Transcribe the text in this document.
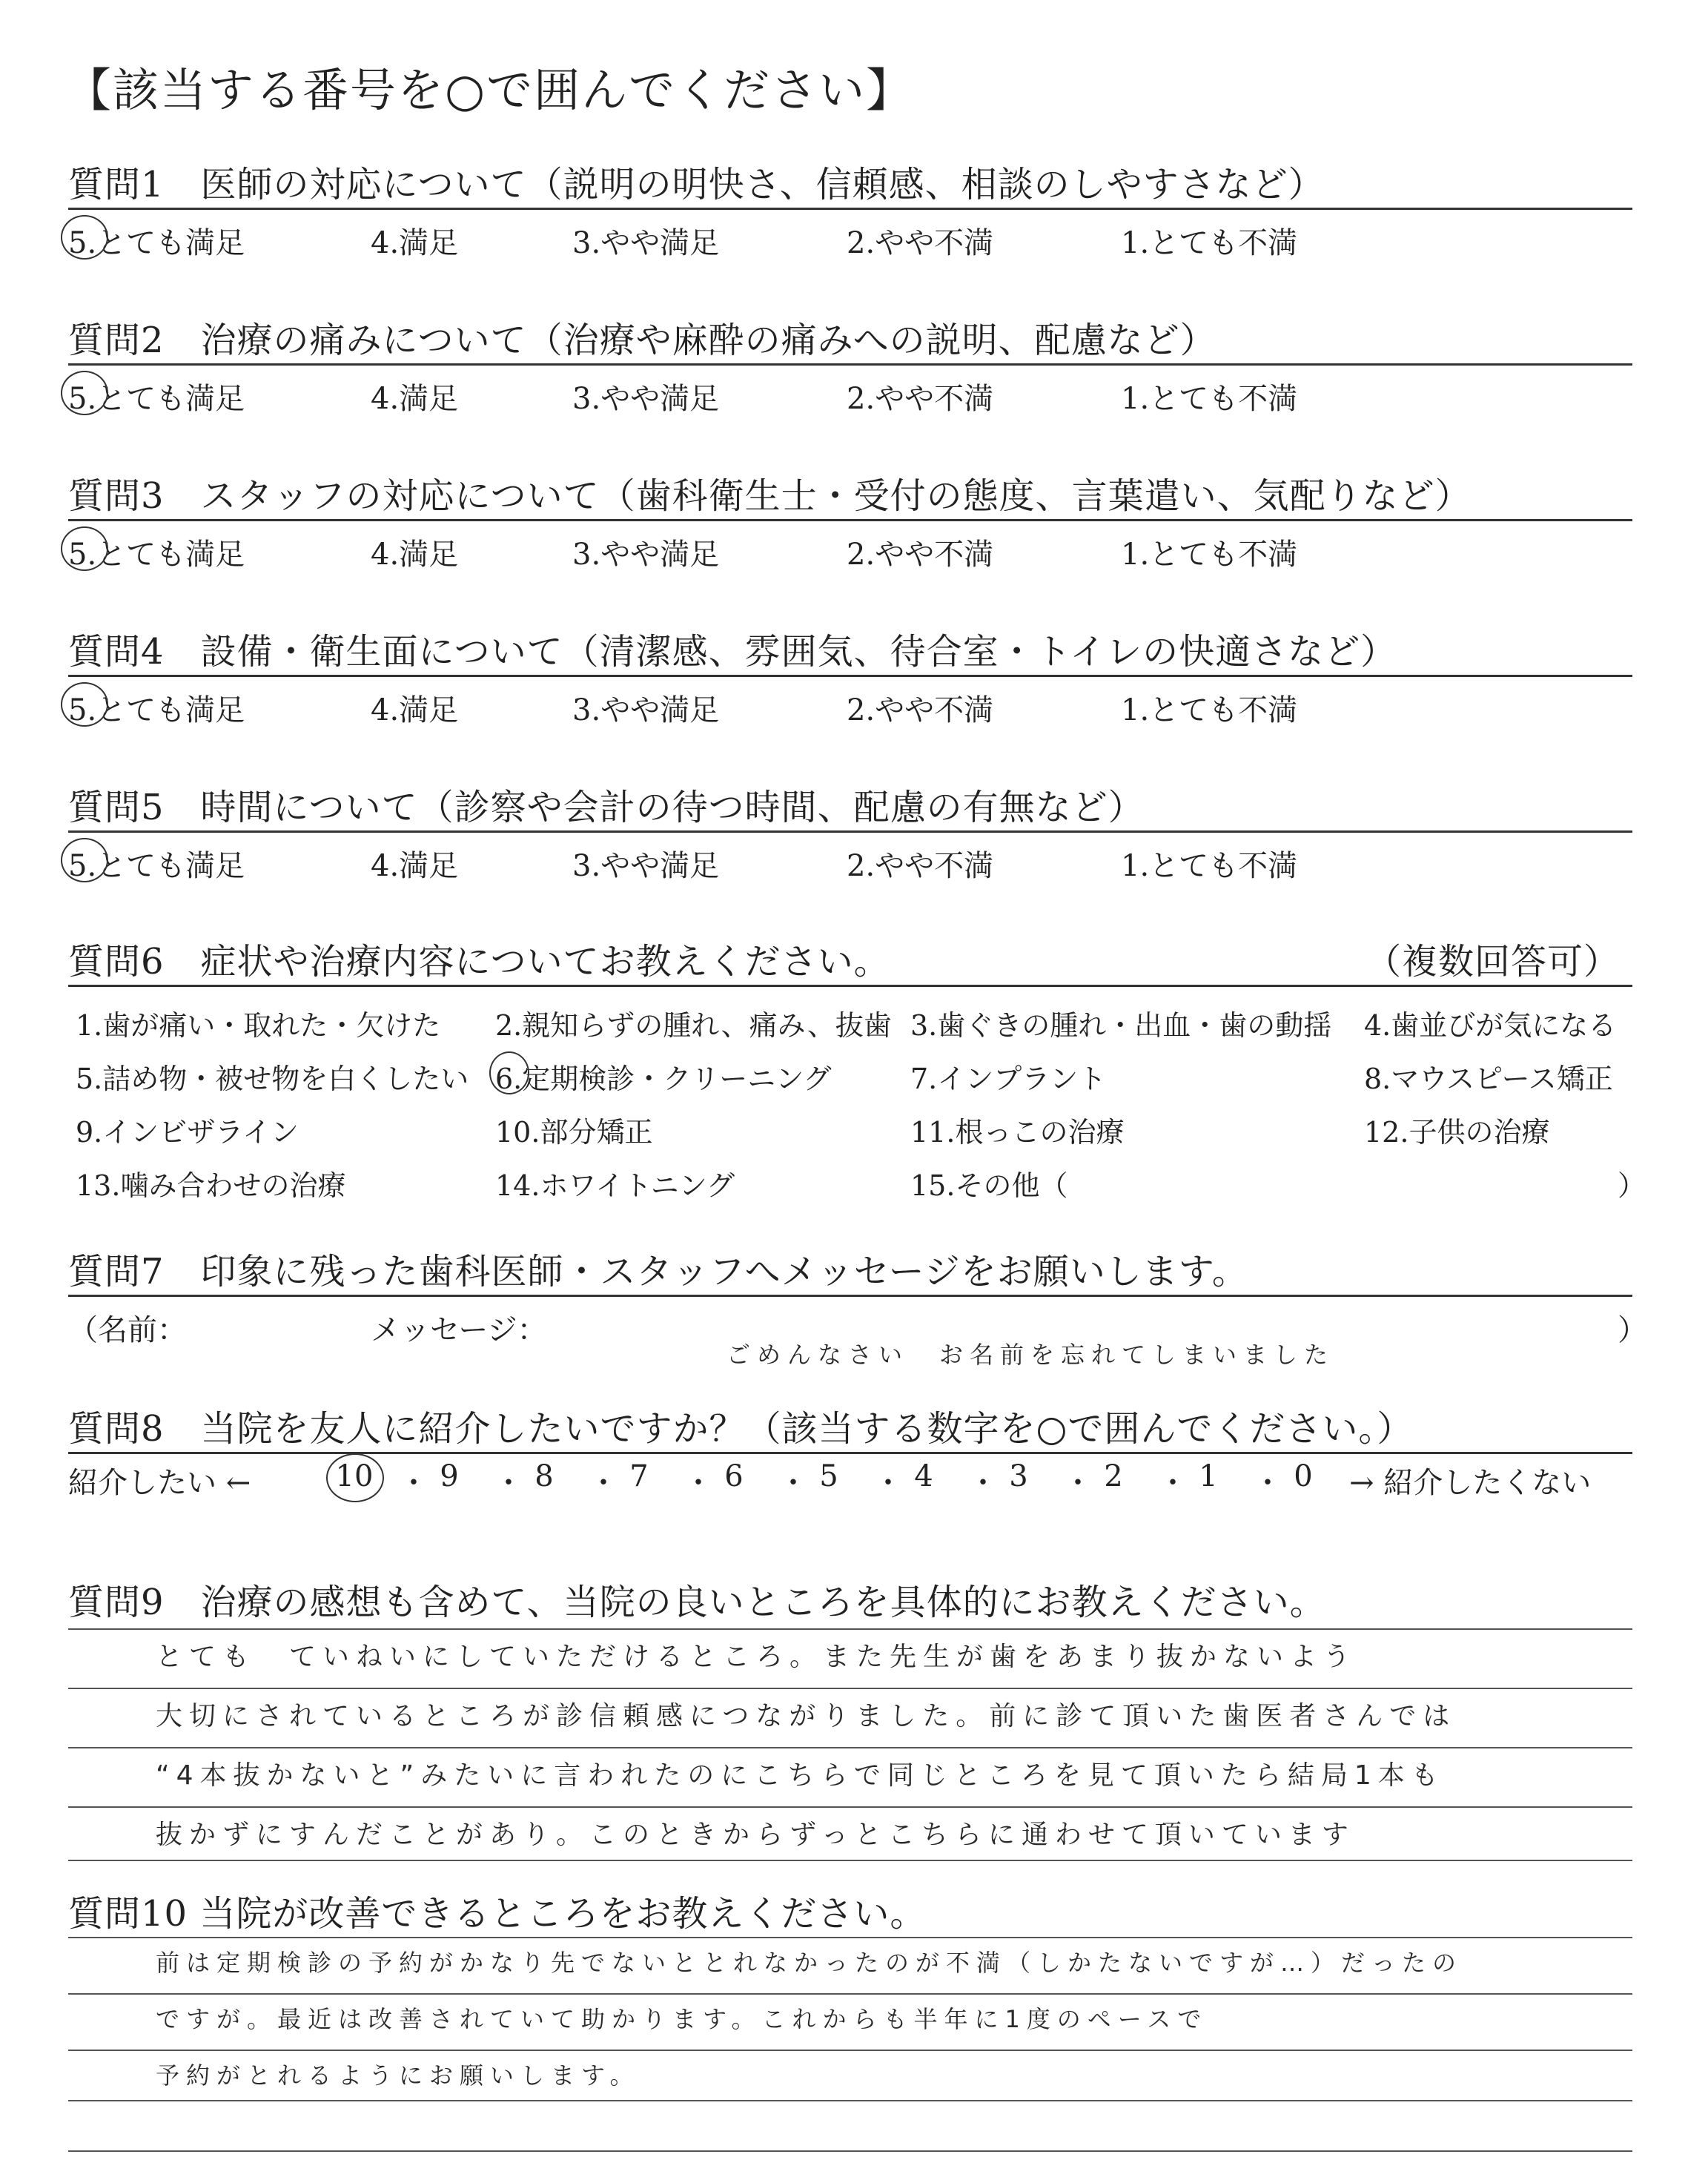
【該当する番号を○で囲んでください】
質問1　医師の対応について（説明の明快さ、信頼感、相談のしやすさなど）
5.とても満足	4.満足	3.やや満足	2.やや不満	1.とても不満
質問2　治療の痛みについて（治療や麻酔の痛みへの説明、配慮など）
5.とても満足	4.満足	3.やや満足	2.やや不満	1.とても不満
質問3　スタッフの対応について（歯科衛生士・受付の態度、言葉遣い、気配りなど）
5.とても満足	4.満足	3.やや満足	2.やや不満	1.とても不満
質問4　設備・衛生面について（清潔感、雰囲気、待合室・トイレの快適さなど）
5.とても満足	4.満足	3.やや満足	2.やや不満	1.とても不満
質問5　時間について（診察や会計の待つ時間、配慮の有無など）
5.とても満足	4.満足	3.やや満足	2.やや不満	1.とても不満
質問6　症状や治療内容についてお教えください。	（複数回答可）
1.歯が痛い・取れた・欠けた 2.親知らずの腫れ、痛み、抜歯 3.歯ぐきの腫れ・出血・歯の動揺 4.歯並びが気になる
5.詰め物・被せ物を白くしたい 6.定期検診・クリーニング	7.インプラント	8.マウスピース矯正
9.インビザライン	10.部分矯正	11.根っこの治療	12.子供の治療
13.噛み合わせの治療	14.ホワイトニング	15.その他（	）
質問7　印象に残った歯科医師・スタッフへメッセージをお願いします。
（名前：	メッセージ：	）
ごめんなさい　お名前を忘れてしまいました
質問8　当院を友人に紹介したいですか？（該当する数字を○で囲んでください。）
紹介したい ←	10 ・ 9	・ 8	・ 7	・ 6	・ 5	・ 4	・ 3	・ 2	・ 1	・ 0	→ 紹介したくない
質問9　治療の感想も含めて、当院の良いところを具体的にお教えください。
とても　ていねいにしていただけるところ。また先生が歯をあまり抜かないよう
大切にされているところが診信頼感につながりました。前に診て頂いた歯医者さんでは
“4本抜かないと”みたいに言われたのにこちらで同じところを見て頂いたら結局1本も
抜かずにすんだことがあり。このときからずっとこちらに通わせて頂いています
質問10 当院が改善できるところをお教えください。
前は定期検診の予約がかなり先でないととれなかったのが不満（しかたないですが…）だったの
ですが。最近は改善されていて助かります。これからも半年に1度のペースで
予約がとれるようにお願いします。
